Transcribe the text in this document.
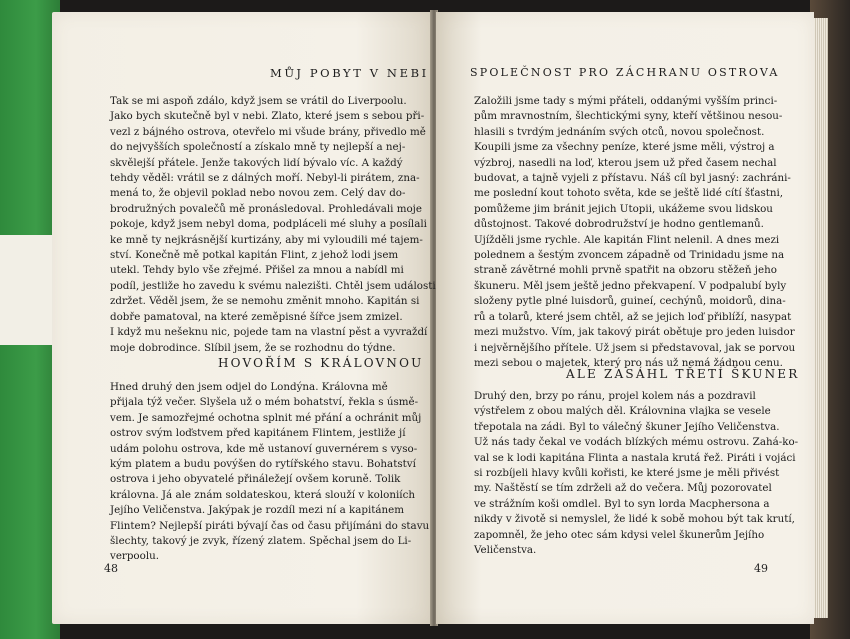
MŮJ POBYT V NEBI
Tak se mi aspoň zdálo, když jsem se vrátil do Liverpoolu.
Jako bych skutečně byl v nebi. Zlato, které jsem s sebou při-
vezl z bájného ostrova, otevřelo mi všude brány, přivedlo mě
do nejvyšších společností a získalo mně ty nejlepší a nej-
skvělejší přátele. Jenže takových lidí bývalo víc. A každý
tehdy věděl: vrátil se z dálných moří. Nebyl-li pirátem, zna-
mená to, že objevil poklad nebo novou zem. Celý dav do-
brodružných povalečů mě pronásledoval. Prohledávali moje
pokoje, když jsem nebyl doma, podpláceli mé sluhy a posílali
ke mně ty nejkrásnější kurtizány, aby mi vyloudili mé tajem-
ství. Konečně mě potkal kapitán Flint, z jehož lodi jsem
utekl. Tehdy bylo vše zřejmé. Přišel za mnou a nabídl mi
podíl, jestliže ho zavedu k svému nalezišti. Chtěl jsem události
zdržet. Věděl jsem, že se nemohu změnit mnoho. Kapitán si
dobře pamatoval, na které zeměpisné šířce jsem zmizel.
I když mu nešeknu nic, pojede tam na vlastní pěst a vyvraždí
moje dobrodince. Slíbil jsem, že se rozhodnu do týdne.
HOVOŘÍM S KRÁLOVNOU
Hned druhý den jsem odjel do Londýna. Královna mě
přijala týž večer. Slyšela už o mém bohatství, řekla s úsmě-
vem. Je samozřejmé ochotna splnit mé přání a ochránit můj
ostrov svým loďstvem před kapitánem Flintem, jestliže jí
udám polohu ostrova, kde mě ustanoví guvernérem s vyso-
kým platem a budu povýšen do rytířského stavu. Bohatství
ostrova i jeho obyvatelé přináležejí ovšem koruně. Tolik
královna. Já ale znám soldateskou, která slouží v koloniích
Jejího Veličenstva. Jakýpak je rozdíl mezi ní a kapitánem
Flintem? Nejlepší piráti bývají čas od času přijímáni do stavu
šlechty, takový je zvyk, řízený zlatem. Spěchal jsem do Li-
verpoolu.
48
SPOLEČNOST PRO ZÁCHRANU OSTROVA
Založili jsme tady s mými přáteli, oddanými vyšším princi-
pům mravnostním, šlechtickými syny, kteří většinou nesou-
hlasili s tvrdým jednáním svých otců, novou společnost.
Koupili jsme za všechny peníze, které jsme měli, výstroj a
výzbroj, nasedli na loď, kterou jsem už před časem nechal
budovat, a tajně vyjeli z přístavu. Náš cíl byl jasný: zachráni-
me poslední kout tohoto světa, kde se ještě lidé cítí šťastni,
pomůžeme jim bránit jejich Utopii, ukážeme svou lidskou
důstojnost. Takové dobrodružství je hodno gentlemanů.
Ujížděli jsme rychle. Ale kapitán Flint nelenil. A dnes mezi
polednem a šestým zvoncem západně od Trinidadu jsme na
straně závětrné mohli prvně spatřit na obzoru stěžeň jeho
škuneru. Měl jsem ještě jedno překvapení. V podpalubí byly
složeny pytle plné luisdorů, guineí, cechýnů, moidorů, dina-
rů a tolarů, které jsem chtěl, až se jejich loď přiblíží, nasypat
mezi mužstvo. Vím, jak takový pirát obětuje pro jeden luisdor
i nejvěrnějšího přítele. Už jsem si představoval, jak se porvou
mezi sebou o majetek, který pro nás už nemá žádnou cenu.
ALE ZASÁHL TŘETÍ ŠKUNER
Druhý den, brzy po ránu, projel kolem nás a pozdravil
výstřelem z obou malých děl. Královnina vlajka se vesele
třepotala na zádi. Byl to válečný škuner Jejího Veličenstva.
Už nás tady čekal ve vodách blízkých mému ostrovu. Zahá-ko-
val se k lodi kapitána Flinta a nastala krutá řež. Piráti i vojáci
si rozbíjeli hlavy kvůli kořisti, ke které jsme je měli přivést
my. Naštěstí se tím zdrželi až do večera. Můj pozorovatel
ve strážním koši omdlel. Byl to syn lorda Macphersona a
nikdy v životě si nemyslel, že lidé k sobě mohou být tak krutí,
zapomněl, že jeho otec sám kdysi velel škunerům Jejího
Veličenstva.
49
